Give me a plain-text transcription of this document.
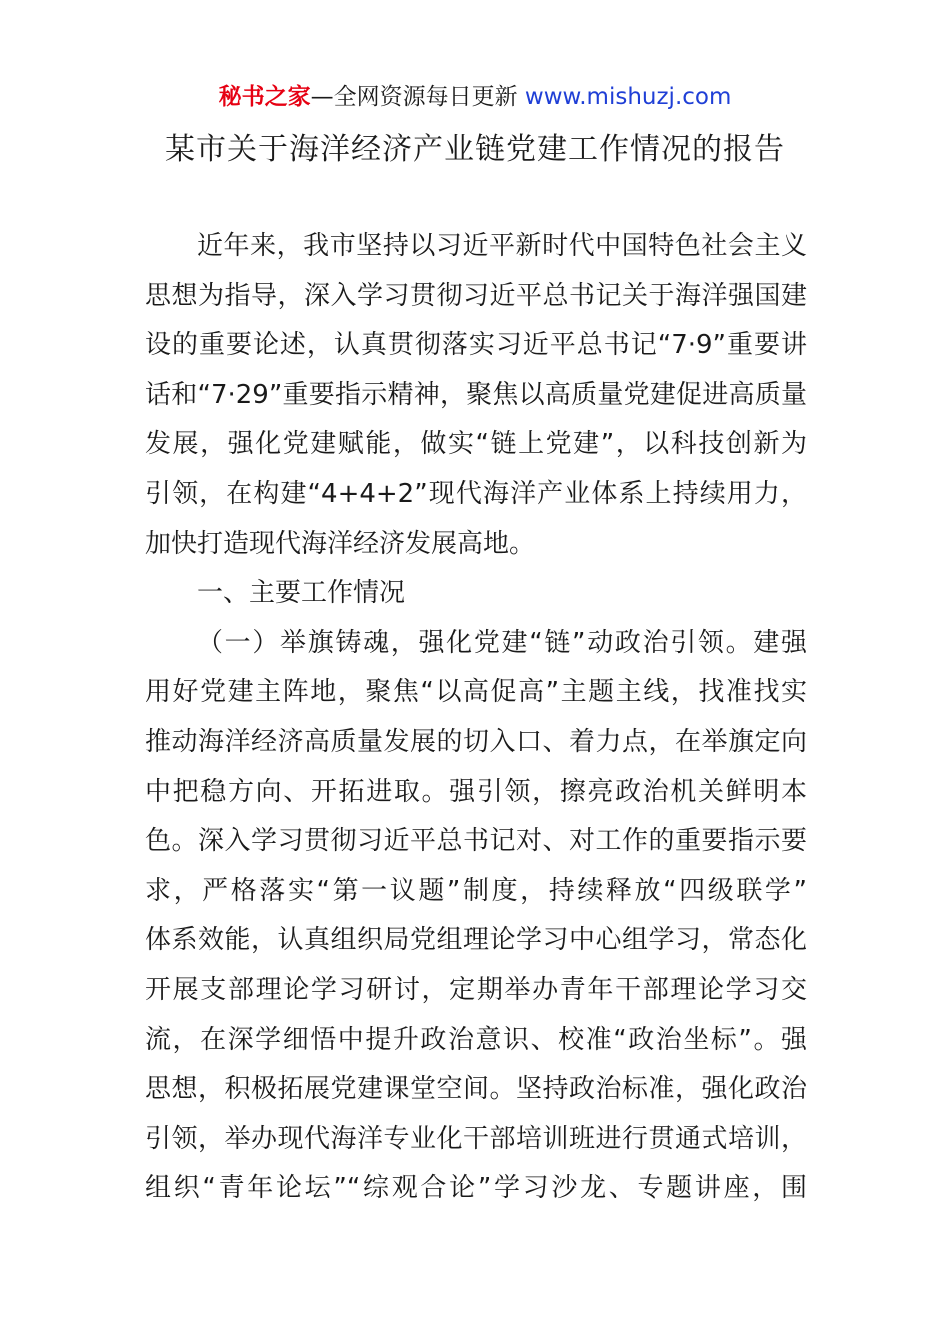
秘书之家—全网资源每日更新 www.mishuzj.com
某市关于海洋经济产业链党建工作情况的报告
近年来，我市坚持以习近平新时代中国特色社会主义
思想为指导，深入学习贯彻习近平总书记关于海洋强国建
设的重要论述，认真贯彻落实习近平总书记“7·9”重要讲
话和“7·29”重要指示精神，聚焦以高质量党建促进高质量
发展，强化党建赋能，做实“链上党建”，以科技创新为
引领，在构建“4+4+2”现代海洋产业体系上持续用力，
加快打造现代海洋经济发展高地。
一、主要工作情况
（一）举旗铸魂，强化党建“链”动政治引领。建强
用好党建主阵地，聚焦“以高促高”主题主线，找准找实
推动海洋经济高质量发展的切入口、着力点，在举旗定向
中把稳方向、开拓进取。强引领，擦亮政治机关鲜明本
色。深入学习贯彻习近平总书记对、对工作的重要指示要
求，严格落实“第一议题”制度，持续释放“四级联学”
体系效能，认真组织局党组理论学习中心组学习，常态化
开展支部理论学习研讨，定期举办青年干部理论学习交
流，在深学细悟中提升政治意识、校准“政治坐标”。强
思想，积极拓展党建课堂空间。坚持政治标准，强化政治
引领，举办现代海洋专业化干部培训班进行贯通式培训，
组织“青年论坛”“综观合论”学习沙龙、专题讲座，围
